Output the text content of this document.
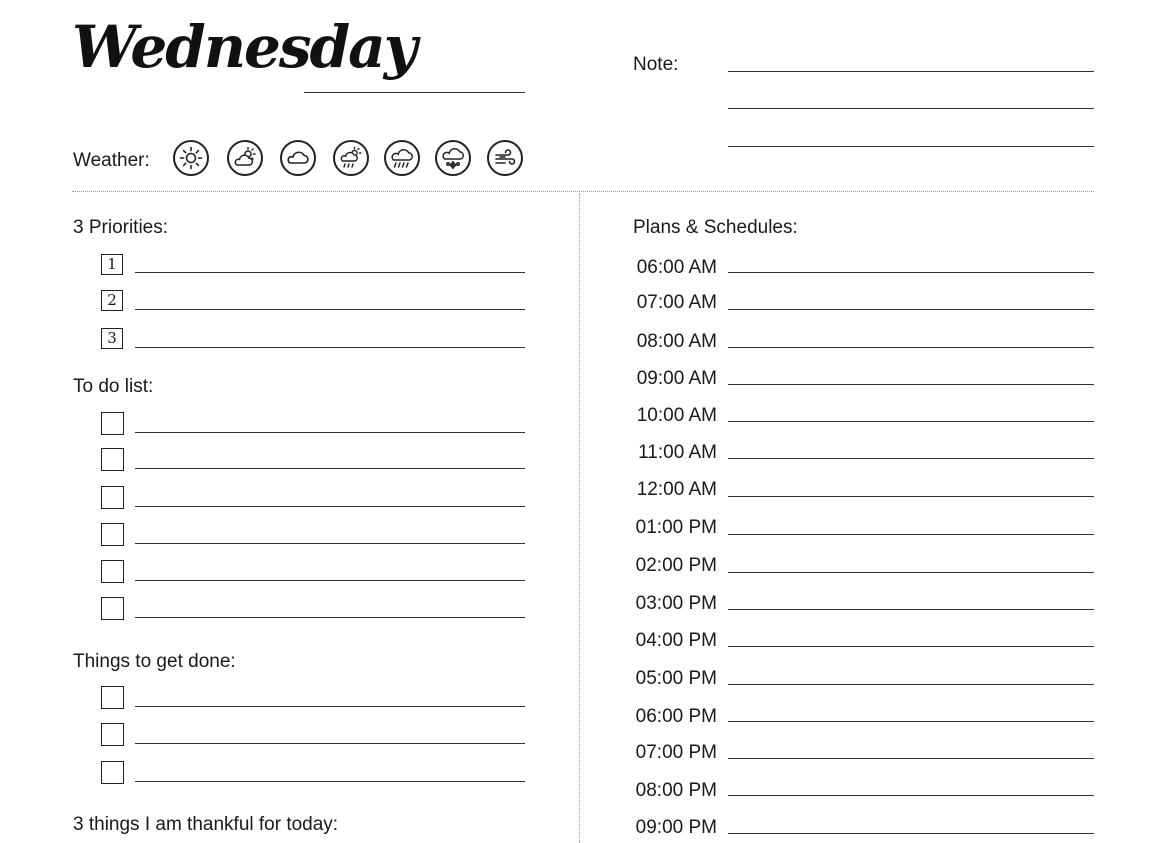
Wednesday	Note:
Weather:
3 Priorities:
1
2
3
To do list:
Things to get done:
3 things I am thankful for today:
Plans & Schedules:
06:00 AM
07:00 AM
08:00 AM
09:00 AM
10:00 AM
11:00 AM
12:00 AM
01:00 PM
02:00 PM
03:00 PM
04:00 PM
05:00 PM
06:00 PM
07:00 PM
08:00 PM
09:00 PM
